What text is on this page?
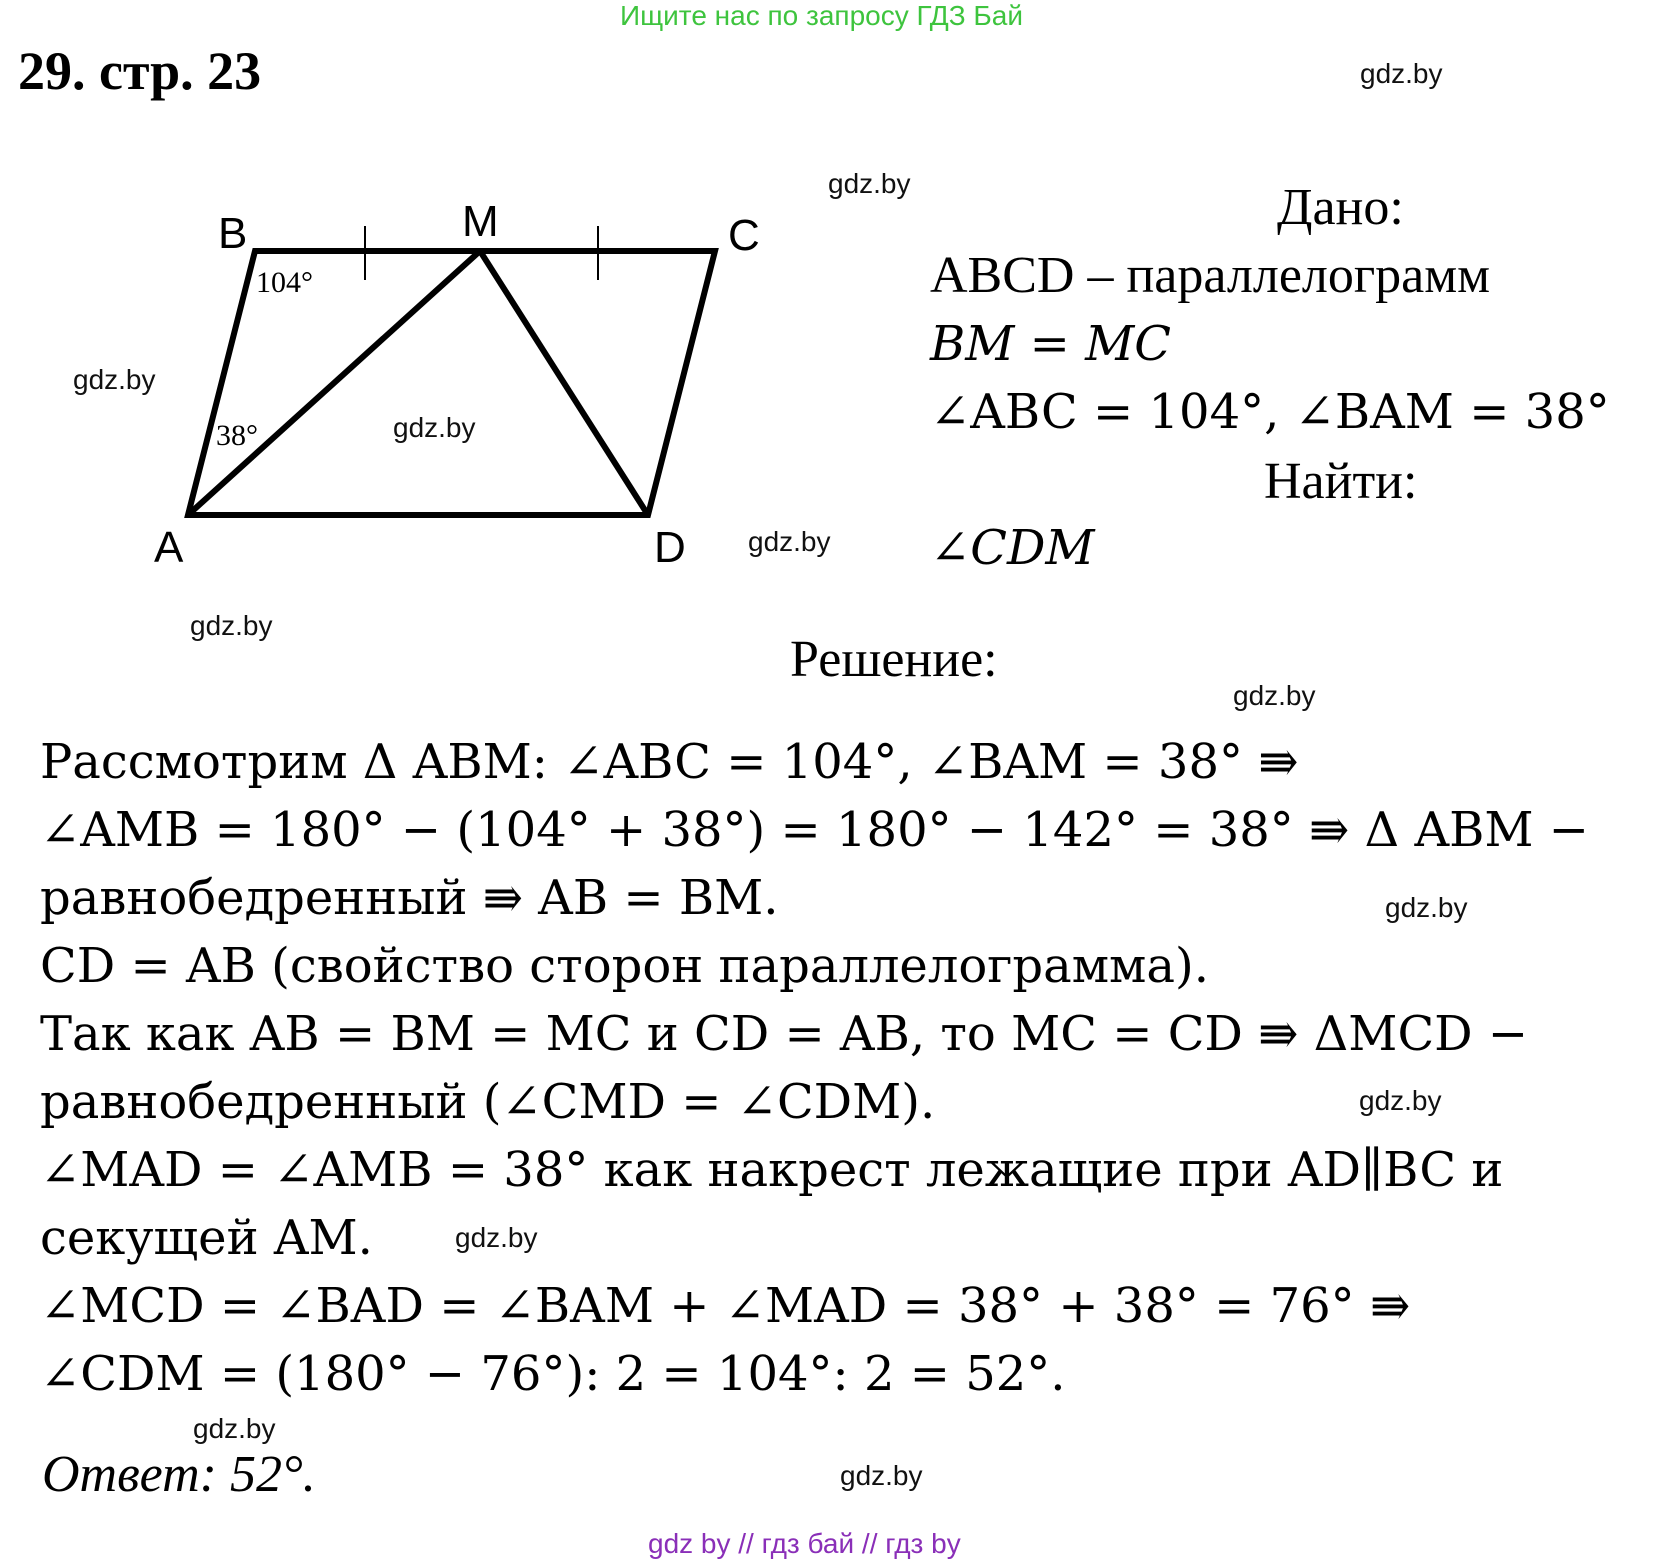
Ищите нас по запросу ГДЗ Бай
29. стр. 23	gdz.by
gdz.by
gdz.by
gdz.by
gdz.by
gdz.by
gdz.by
gdz.by
gdz.by
gdz.by
gdz.by
gdz.by
B	M	C
A	D
104°
38°
Дано:
ABCD – параллелограмм
BM = MC
∠ABC = 104°, ∠BAM = 38°
Найти:
∠CDM
Решение:
Рассмотрим Δ ABM: ∠ABC = 104°, ∠BAM = 38° ⇛
∠AMB = 180° − (104° + 38°) = 180° − 142° = 38° ⇛ Δ ABM −
равнобедренный ⇛ AB = BM.
CD = AB (свойство сторон параллелограмма).
Так как AB = BM = MC и CD = AB, то MC = CD ⇛ ΔMCD −
равнобедренный (∠CMD = ∠CDM).
∠MAD = ∠AMB = 38° как накрест лежащие при AD∥BC и
секущей AM.
∠MCD = ∠BAD = ∠BAM + ∠MAD = 38° + 38° = 76° ⇛
∠CDM = (180° − 76°): 2 = 104°: 2 = 52°.
Ответ: 52°.
gdz by // гдз бай // гдз by
